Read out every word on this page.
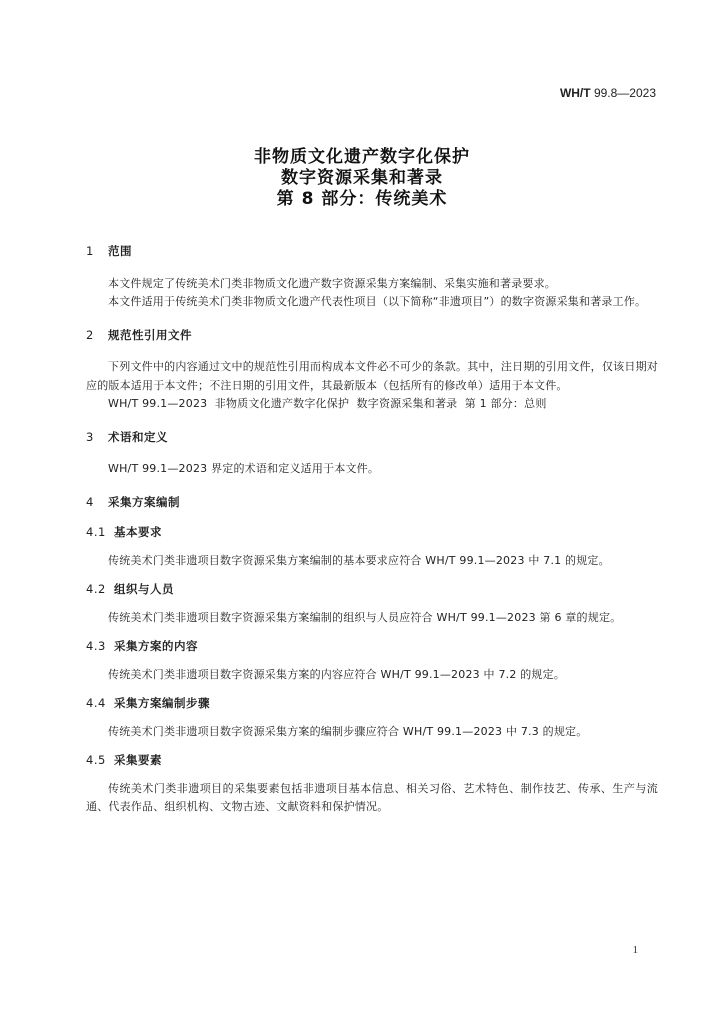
WH/T 99.8—2023
非物质文化遗产数字化保护
数字资源采集和著录
第 8 部分：传统美术
1 范围
本文件规定了传统美术门类非物质文化遗产数字资源采集方案编制、采集实施和著录要求。
本文件适用于传统美术门类非物质文化遗产代表性项目（以下简称“非遗项目”）的数字资源采集和著录工作。
2 规范性引用文件
下列文件中的内容通过文中的规范性引用而构成本文件必不可少的条款。其中，注日期的引用文件，仅该日期对应的版本适用于本文件；不注日期的引用文件，其最新版本（包括所有的修改单）适用于本文件。
WH/T 99.1—2023  非物质文化遗产数字化保护  数字资源采集和著录  第 1 部分：总则
3 术语和定义
WH/T 99.1—2023 界定的术语和定义适用于本文件。
4 采集方案编制
4.1 基本要求
传统美术门类非遗项目数字资源采集方案编制的基本要求应符合 WH/T 99.1—2023 中 7.1 的规定。
4.2 组织与人员
传统美术门类非遗项目数字资源采集方案编制的组织与人员应符合 WH/T 99.1—2023 第 6 章的规定。
4.3 采集方案的内容
传统美术门类非遗项目数字资源采集方案的内容应符合 WH/T 99.1—2023 中 7.2 的规定。
4.4 采集方案编制步骤
传统美术门类非遗项目数字资源采集方案的编制步骤应符合 WH/T 99.1—2023 中 7.3 的规定。
4.5 采集要素
传统美术门类非遗项目的采集要素包括非遗项目基本信息、相关习俗、艺术特色、制作技艺、传承、生产与流通、代表作品、组织机构、文物古迹、文献资料和保护情况。
1
